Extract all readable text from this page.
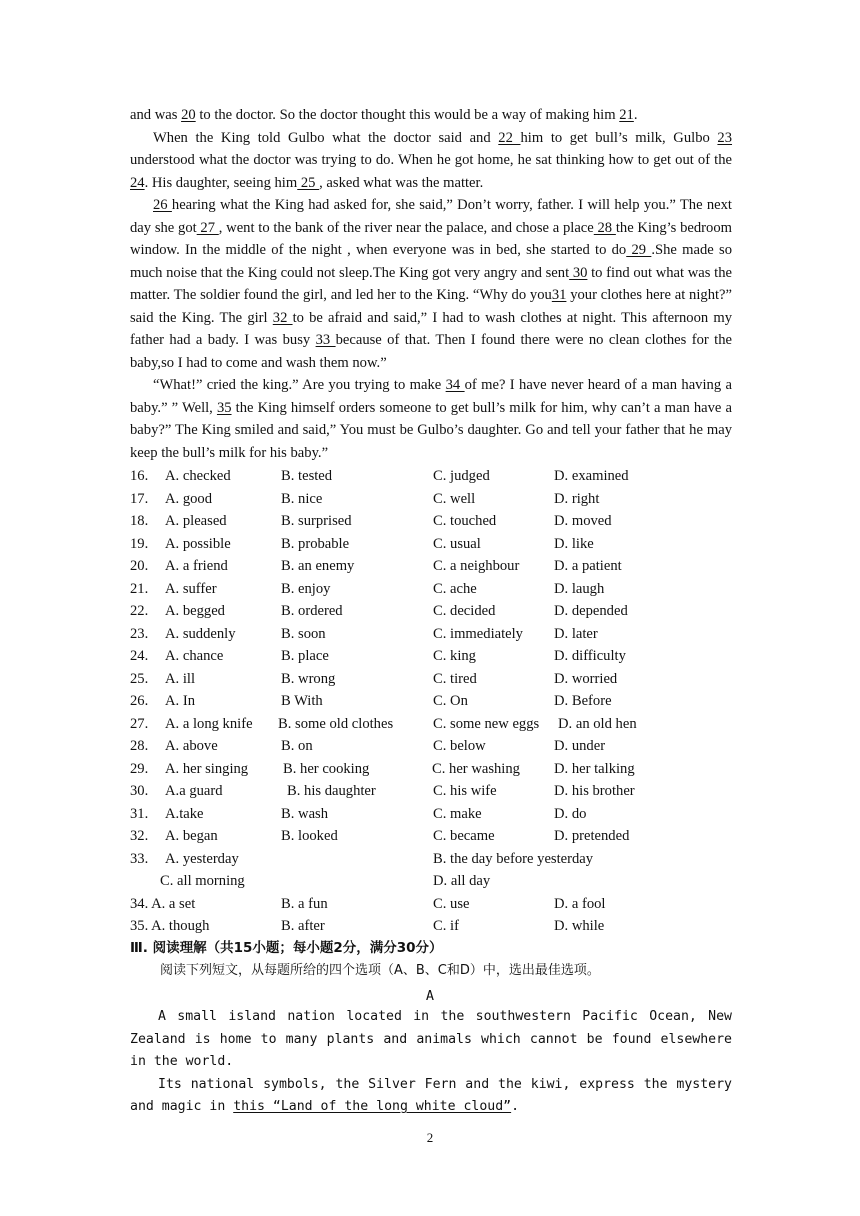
and was 20 to the doctor. So the doctor thought this would be a way of making him 21.

When the King told Gulbo what the doctor said and 22 him to get bull’s milk, Gulbo 23 understood what the doctor was trying to do. When he got home, he sat thinking how to get out of the 24. His daughter, seeing him 25 , asked what was the matter.

26 hearing what the King had asked for, she said,” Don’t worry, father. I will help you.” The next day she got 27 , went to the bank of the river near the palace, and chose a place 28 the King’s bedroom window. In the middle of the night , when everyone was in bed, she started to do 29 .She made so much noise that the King could not sleep.The King got very angry and sent 30 to find out what was the matter. The soldier found the girl, and led her to the King. “Why do you31 your clothes here at night?” said the King. The girl 32 to be afraid and said,” I had to wash clothes at night. This afternoon my father had a bady. I was busy 33 because of that. Then I found there were no clean clothes for the baby,so I had to come and wash them now.”

“What!” cried the king.” Are you trying to make 34 of me? I have never heard of a man having a baby.” ” Well, 35 the King himself orders someone to get bull’s milk for him, why can’t a man have a baby?” The King smiled and said,” You must be Gulbo’s daughter. Go and tell your father that he may keep the bull’s milk for his baby.”

16. A. checked	B. tested	C. judged	D. examined
17. A. good	B. nice	C. well	D. right
18. A. pleased	B. surprised	C. touched	D. moved
19. A. possible	B. probable	C. usual	D. like
20. A. a friend	B. an enemy	C. a neighbour D. a patient
21. A. suffer	B. enjoy	C. ache	D. laugh
22. A. begged	B. ordered	C. decided	D. depended
23. A. suddenly	B. soon	C. immediately D. later
24. A. chance	B. place	C. king	D. difficulty
25. A. ill	B. wrong	C. tired	D. worried
26. A. In	B With	C. On	D. Before
27. A. a long knife B. some old clothes	C. some new eggs D. an old hen
28. A. above	B. on	C. below	D. under
29. A. her singing B. her cooking	C. her washing D. her talking
30. A.a guard	B. his daughter	C. his wife	D. his brother
31. A.take	B. wash	C. make	D. do
32. A. began	B. looked	C. became	D. pretended
33. A. yesterday	B. the day before yesterday
C. all morning	D. all day
34. A. a set	B. a fun	C. use	D. a fool
35. A. though	B. after	C. if	D. while
Ⅲ. 阅读理解（共15小题；每小题2分，满分30分）
阅读下列短文，从每题所给的四个选项（A、B、C和D）中，选出最佳选项。
A

A small island nation located in the southwestern Pacific Ocean, New Zealand is home to many plants and animals which cannot be found elsewhere in the world.

Its national symbols, the Silver Fern and the kiwi, express the mystery and magic in this “Land of the long white cloud”.

2
